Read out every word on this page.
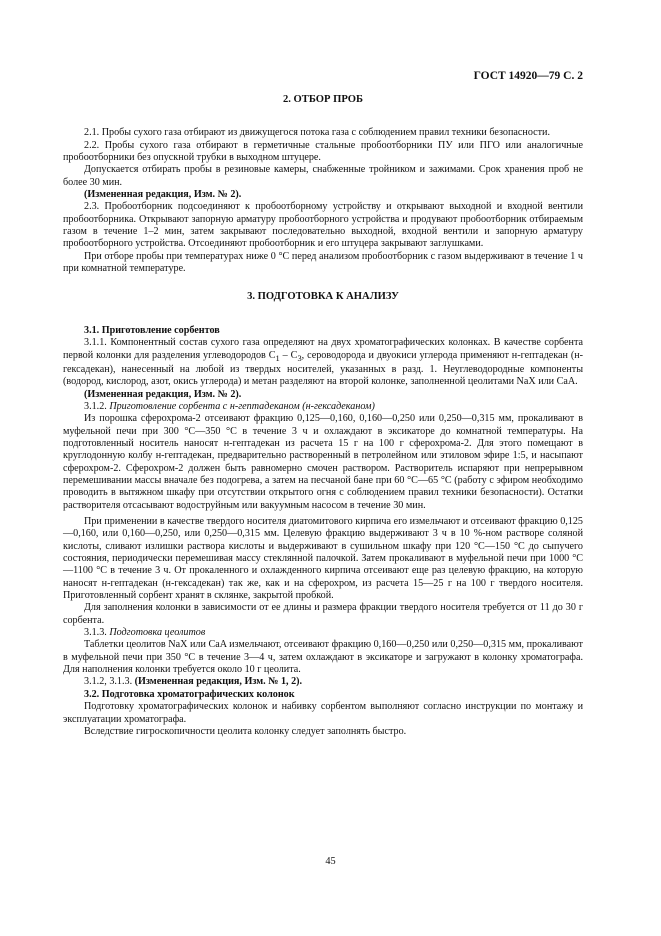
ГОСТ 14920—79 С. 2
2. ОТБОР ПРОБ

2.1. Пробы сухого газа отбирают из движущегося потока газа с соблюдением правил техники безопасности.

2.2. Пробы сухого газа отбирают в герметичные стальные пробоотборники ПУ или ПГО или аналогичные пробоотборники без опускной трубки в выходном штуцере.

Допускается отбирать пробы в резиновые камеры, снабженные тройником и зажимами. Срок хранения проб не более 30 мин.

(Измененная редакция, Изм. № 2).

2.3. Пробоотборник подсоединяют к пробоотборному устройству и открывают выходной и входной вентили пробоотборника. Открывают запорную арматуру пробоотборного устройства и продувают пробоотборник отбираемым газом в течение 1–2 мин, затем закрывают последовательно выходной, входной вентили и запорную арматуру пробоотборного устройства. Отсоединяют пробоотборник и его штуцера закрывают заглушками.

При отборе пробы при температурах ниже 0 °С перед анализом пробоотборник с газом выдерживают в течение 1 ч при комнатной температуре.

3. ПОДГОТОВКА К АНАЛИЗУ

3.1. Приготовление сорбентов

3.1.1. Компонентный состав сухого газа определяют на двух хроматографических колонках. В качестве сорбента первой колонки для разделения углеводородов $С_1 - С_3$, сероводорода и двуокиси углерода применяют н-гептадекан (н-гексадекан), нанесенный на любой из твердых носителей, указанных в разд. 1. Неуглеводородные компоненты (водород, кислород, азот, окись углерода) и метан разделяют на второй колонке, заполненной цеолитами NaX или CaA.

(Измененная редакция, Изм. № 2).

3.1.2. Приготовление сорбента с н-гептадеканом (н-гексадеканом)

Из порошка сферохрома-2 отсеивают фракцию 0,125—0,160, 0,160—0,250 или 0,250—0,315 мм, прокаливают в муфельной печи при 300 °С—350 °С в течение 3 ч и охлаждают в эксикаторе до комнатной температуры. На подготовленный носитель наносят н-гептадекан из расчета 15 г на 100 г сферохрома-2. Для этого помещают в круглодонную колбу н-гептадекан, предварительно растворенный в петролейном или этиловом эфире 1:5, и насыпают сферохром-2. Сферохром-2 должен быть равномерно смочен раствором. Растворитель испаряют при непрерывном перемешивании массы вначале без подогрева, а затем на песчаной бане при 60 °С—65 °С (работу с эфиром необходимо проводить в вытяжном шкафу при отсутствии открытого огня с соблюдением правил техники безопасности). Остатки растворителя отсасывают водоструйным или вакуумным насосом в течение 30 мин.

При применении в качестве твердого носителя диатомитового кирпича его измельчают и отсеивают фракцию 0,125—0,160, или 0,160—0,250, или 0,250—0,315 мм. Целевую фракцию выдерживают 3 ч в 10 %-ном растворе соляной кислоты, сливают излишки раствора кислоты и выдерживают в сушильном шкафу при 120 °С—150 °С до сыпучего состояния, периодически перемешивая массу стеклянной палочкой. Затем прокаливают в муфельной печи при 1000 °С—1100 °С в течение 3 ч. От прокаленного и охлажденного кирпича отсеивают еще раз целевую фракцию, на которую наносят н-гептадекан (н-гексадекан) так же, как и на сферохром, из расчета 15—25 г на 100 г твердого носителя. Приготовленный сорбент хранят в склянке, закрытой пробкой.

Для заполнения колонки в зависимости от ее длины и размера фракции твердого носителя требуется от 11 до 30 г сорбента.

3.1.3. Подготовка цеолитов

Таблетки цеолитов NaX или CaA измельчают, отсеивают фракцию 0,160—0,250 или 0,250—0,315 мм, прокаливают в муфельной печи при 350 °С в течение 3—4 ч, затем охлаждают в эксикаторе и загружают в колонку хроматографа. Для наполнения колонки требуется около 10 г цеолита.

3.1.2, 3.1.3. (Измененная редакция, Изм. № 1, 2).

3.2. Подготовка хроматографических колонок

Подготовку хроматографических колонок и набивку сорбентом выполняют согласно инструкции по монтажу и эксплуатации хроматографа.

Вследствие гигроскопичности цеолита колонку следует заполнять быстро.

45
